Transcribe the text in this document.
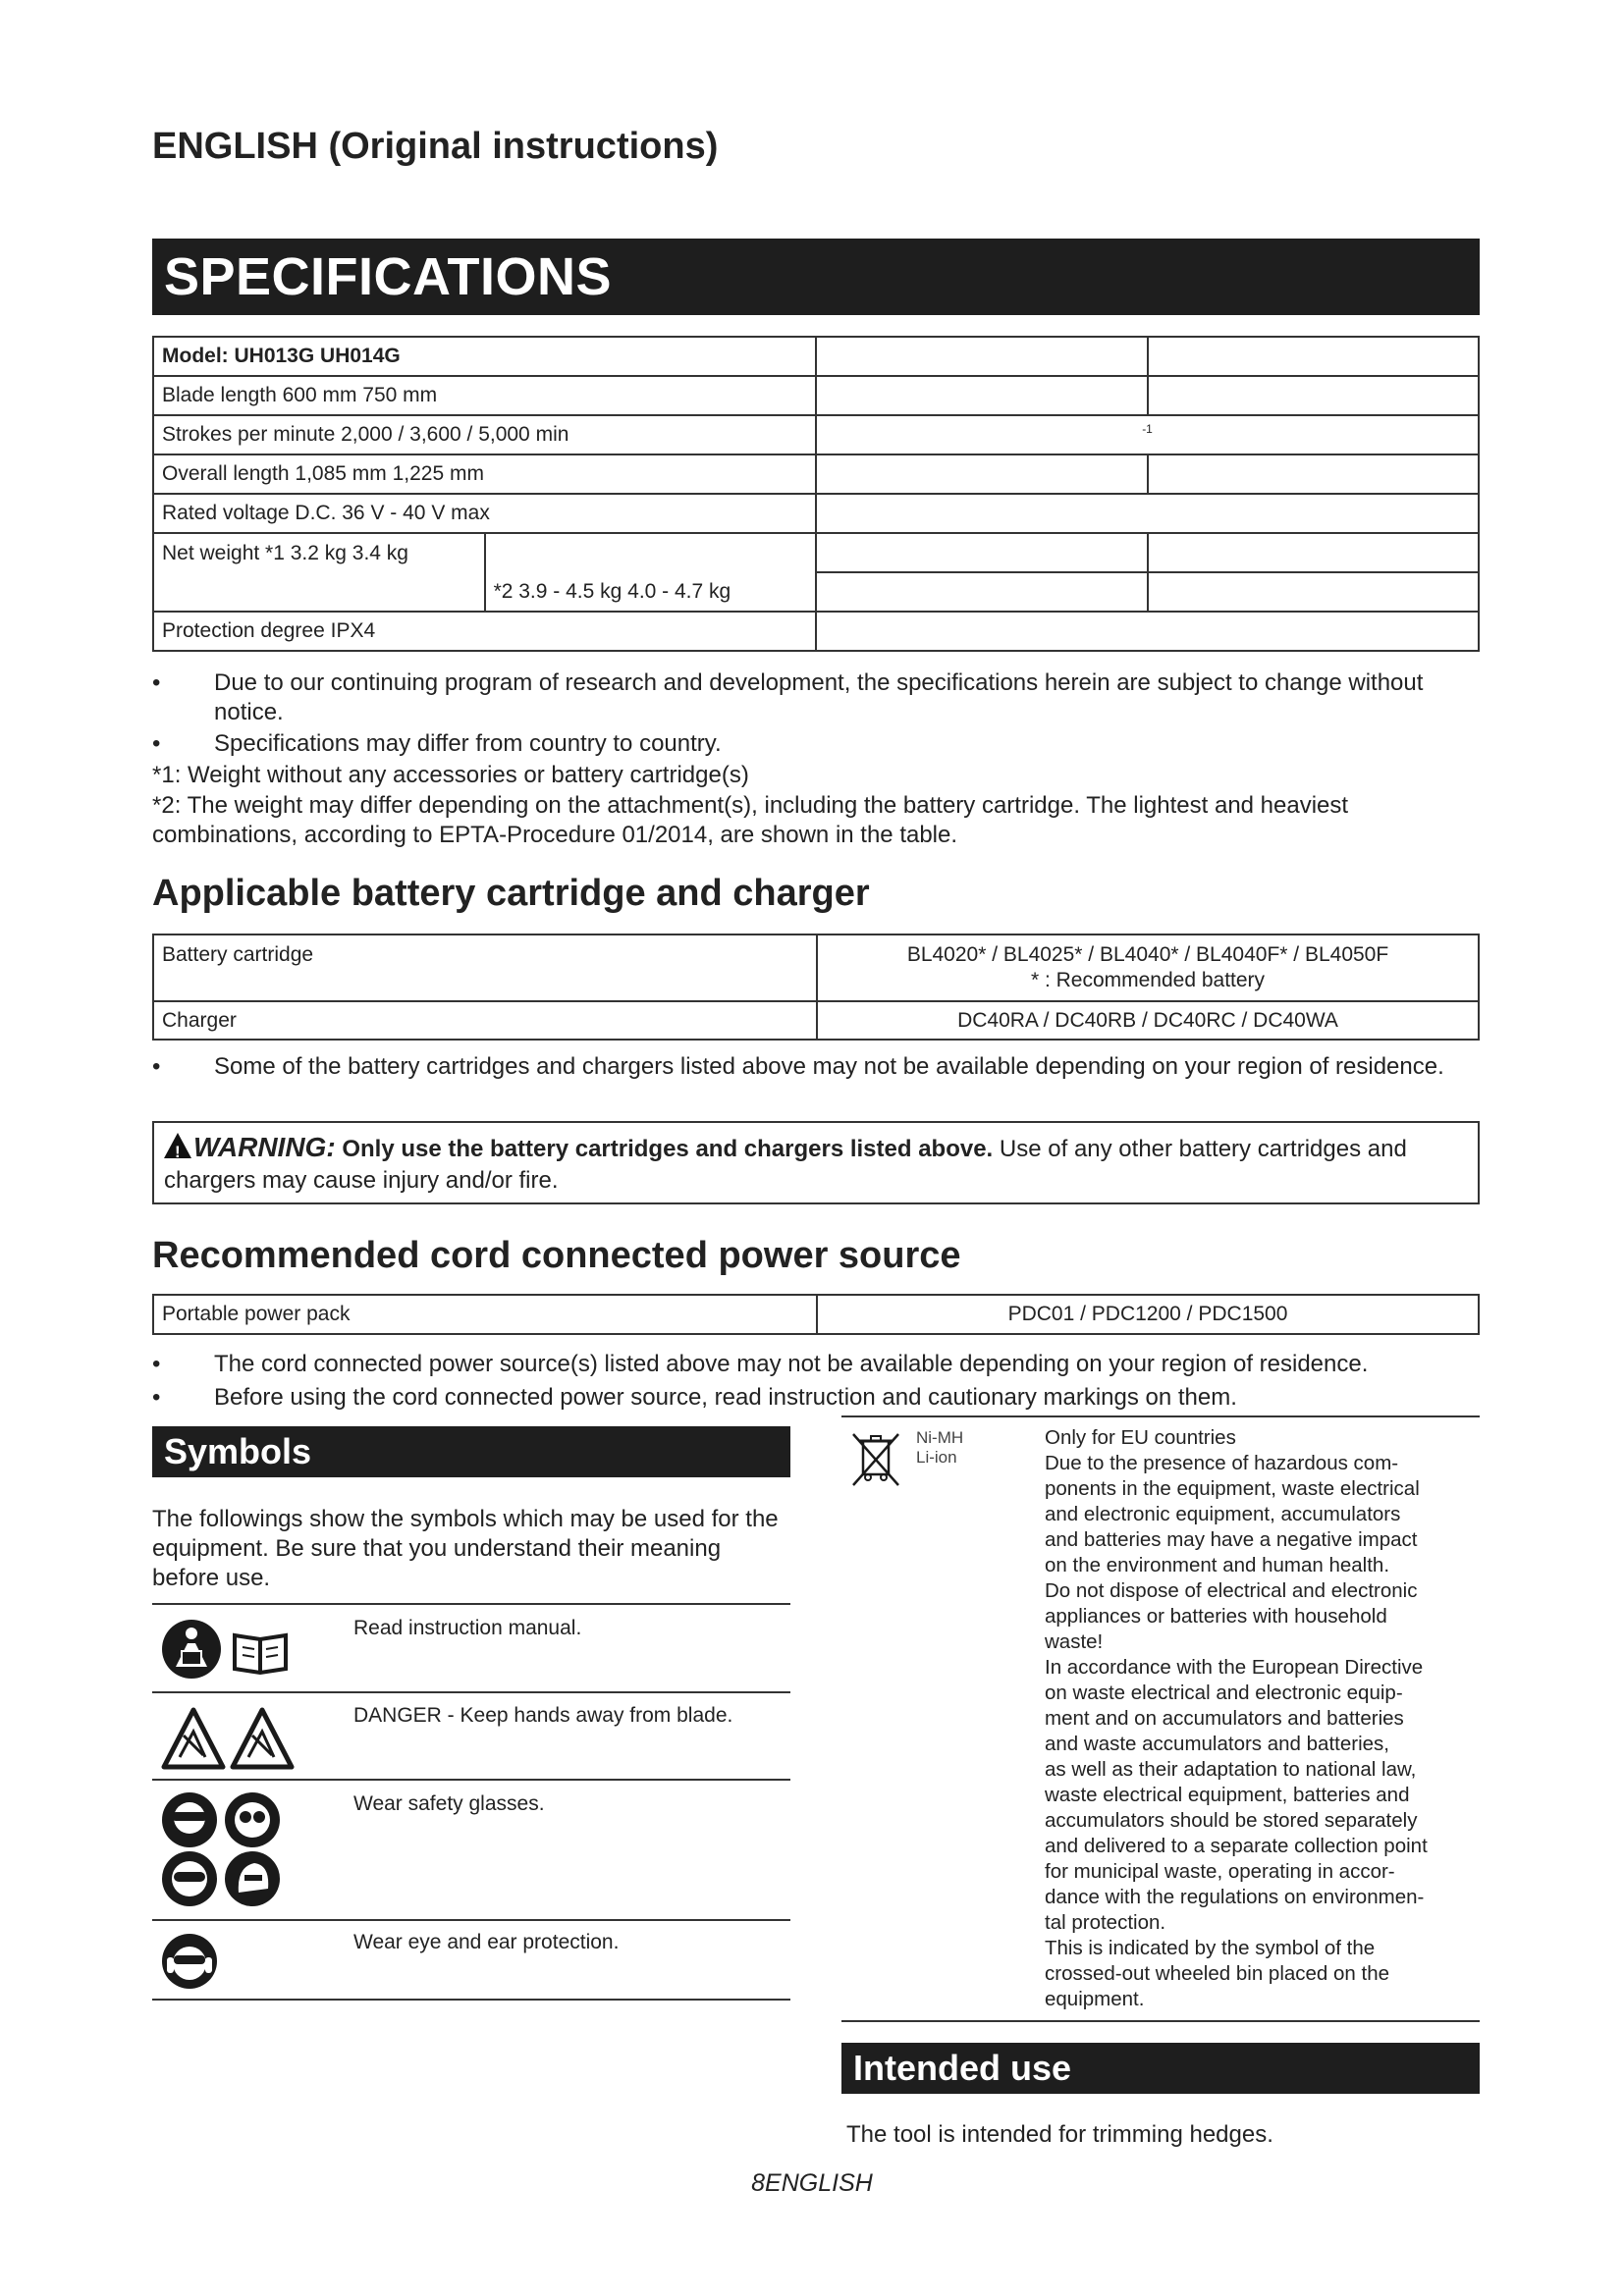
ENGLISH (Original instructions)
SPECIFICATIONS
Model: UH013G UH014G			
Blade length 600 mm 750 mm			
Strokes per minute 2,000 / 3,600 / 5,000 min		-1	
Overall length 1,085 mm 1,225 mm			
Rated voltage D.C. 36 V - 40 V max			
Net weight *1 3.2 kg 3.4 kg			
	*2 3.9 - 4.5 kg 4.0 - 4.7 kg		
Protection degree IPX4			
• Due to our continuing program of research and development, the specifications herein are subject to change without notice.
• Specifications may differ from country to country.
*1: Weight without any accessories or battery cartridge(s)
*2: The weight may differ depending on the attachment(s), including the battery cartridge. The lightest and heaviest combinations, according to EPTA-Procedure 01/2014, are shown in the table.
Applicable battery cartridge and charger
Battery cartridge	BL4020* / BL4025* / BL4040* / BL4040F* / BL4050F
* : Recommended battery

Charger	DC40RA / DC40RB / DC40RC / DC40WA
• Some of the battery cartridges and chargers listed above may not be available depending on your region of residence.
!WARNING: Only use the battery cartridges and chargers listed above. Use of any other battery cartridges and chargers may cause injury and/or fire.
Recommended cord connected power source
Portable power pack	PDC01 / PDC1200 / PDC1500
• The cord connected power source(s) listed above may not be available depending on your region of residence.
• Before using the cord connected power source, read instruction and cautionary markings on them.
Symbols
The followings show the symbols which may be used for the equipment. Be sure that you understand their meaning before use.
Read instruction manual.
DANGER - Keep hands away from blade.
Wear safety glasses.
Wear eye and ear protection.
Ni-MH
Li-ion
Only for EU countries
Due to the presence of hazardous com-
ponents in the equipment, waste electrical
and electronic equipment, accumulators
and batteries may have a negative impact
on the environment and human health.
Do not dispose of electrical and electronic
appliances or batteries with household
waste!
In accordance with the European Directive
on waste electrical and electronic equip-
ment and on accumulators and batteries
and waste accumulators and batteries,
as well as their adaptation to national law,
waste electrical equipment, batteries and
accumulators should be stored separately
and delivered to a separate collection point
for municipal waste, operating in accor-
dance with the regulations on environmen-
tal protection.
This is indicated by the symbol of the
crossed-out wheeled bin placed on the
equipment.
Intended use
The tool is intended for trimming hedges.
8ENGLISH
